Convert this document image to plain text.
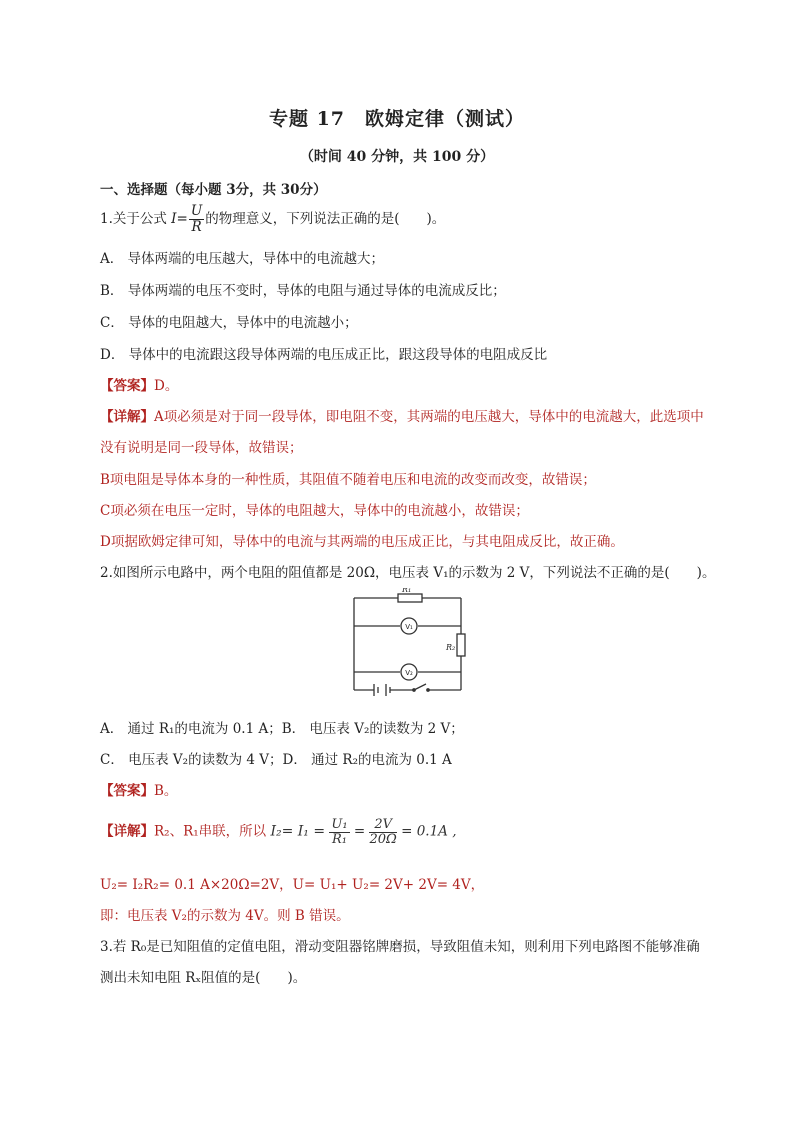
专题 17　欧姆定律（测试）
（时间 40 分钟，共 100 分）
一、选择题（每小题 3分，共 30分）
1.关于公式 $I= \frac{U}{R}$ 的物理意义，下列说法正确的是(　　)。
A． 导体两端的电压越大，导体中的电流越大；
B． 导体两端的电压不变时，导体的电阻与通过导体的电流成反比；
C． 导体的电阻越大，导体中的电流越小；
D． 导体中的电流跟这段导体两端的电压成正比，跟这段导体的电阻成反比
【答案】D。
【详解】A项必须是对于同一段导体，即电阻不变，其两端的电压越大，导体中的电流越大，此选项中
没有说明是同一段导体，故错误；
B项电阻是导体本身的一种性质，其阻值不随着电压和电流的改变而改变，故错误；
C项必须在电压一定时，导体的电阻越大，导体中的电流越小，故错误；
D项据欧姆定律可知，导体中的电流与其两端的电压成正比，与其电阻成反比，故正确。
2.如图所示电路中，两个电阻的阻值都是 20Ω，电压表 V₁的示数为 2 V，下列说法不正确的是(　　)。
R₁
R₂
V₁
V₂
A． 通过 R₁的电流为 0.1 A；B． 电压表 V₂的读数为 2 V；
C． 电压表 V₂的读数为 4 V；D． 通过 R₂的电流为 0.1 A
【答案】B。
【详解】R₂、R₁串联，所以 $I_2= I_1 = \frac{\text{U₁}}{\text{R₁}} = \frac{2V}{20\Omega} = 0.1A$ ,
U₂= I₂R₂= 0.1 A×20Ω=2V，U= U₁+ U₂= 2V+ 2V= 4V，
即：电压表 V₂的示数为 4V。则 B 错误。
3.若 R₀是已知阻值的定值电阻，滑动变阻器铭牌磨损，导致阻值未知，则利用下列电路图不能够准确
测出未知电阻 Rₓ阻值的是(　　)。
